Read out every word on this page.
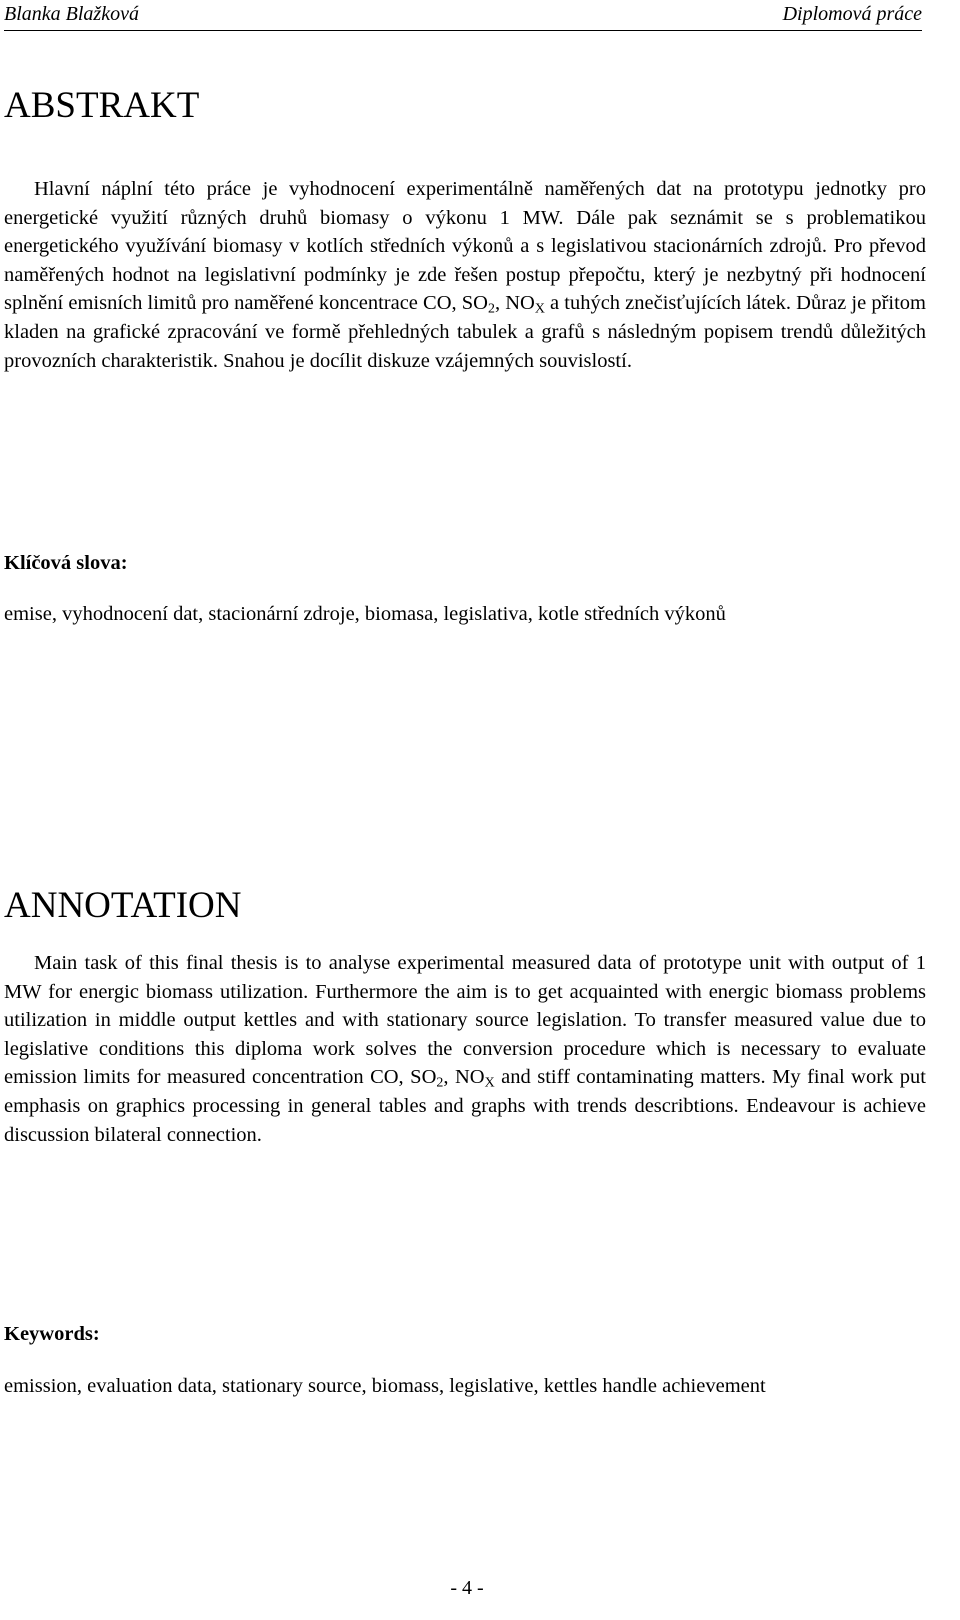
Blanka Blažková	Diplomová práce
ABSTRAKT

Hlavní náplní této práce je vyhodnocení experimentálně naměřených dat na prototypu jednotky pro energetické využití různých druhů biomasy o výkonu 1 MW. Dále pak seznámit se s problematikou energetického využívání biomasy v kotlích středních výkonů a s legislativou stacionárních zdrojů. Pro převod naměřených hodnot na legislativní podmínky je zde řešen postup přepočtu, který je nezbytný při hodnocení splnění emisních limitů pro naměřené koncentrace CO, $SO_2$, $NO_X$ a tuhých znečisťujících látek. Důraz je přitom kladen na grafické zpracování ve formě přehledných tabulek a grafů s následným popisem trendů důležitých provozních charakteristik. Snahou je docílit diskuze vzájemných souvislostí.

Klíčová slova:

emise, vyhodnocení dat, stacionární zdroje, biomasa, legislativa, kotle středních výkonů

ANNOTATION

Main task of this final thesis is to analyse experimental measured data of prototype unit with output of 1 MW for energic biomass utilization. Furthermore the aim is to get acquainted with energic biomass problems utilization in middle output kettles and with stationary source legislation. To transfer measured value due to legislative conditions this diploma work solves the conversion procedure which is necessary to evaluate emission limits for measured concentration CO, $SO_2$, $NO_X$ and stiff contaminating matters. My final work put emphasis on graphics processing in general tables and graphs with trends describtions. Endeavour is achieve discussion bilateral connection.

Keywords:

emission, evaluation data, stationary source, biomass, legislative, kettles handle achievement

- 4 -
